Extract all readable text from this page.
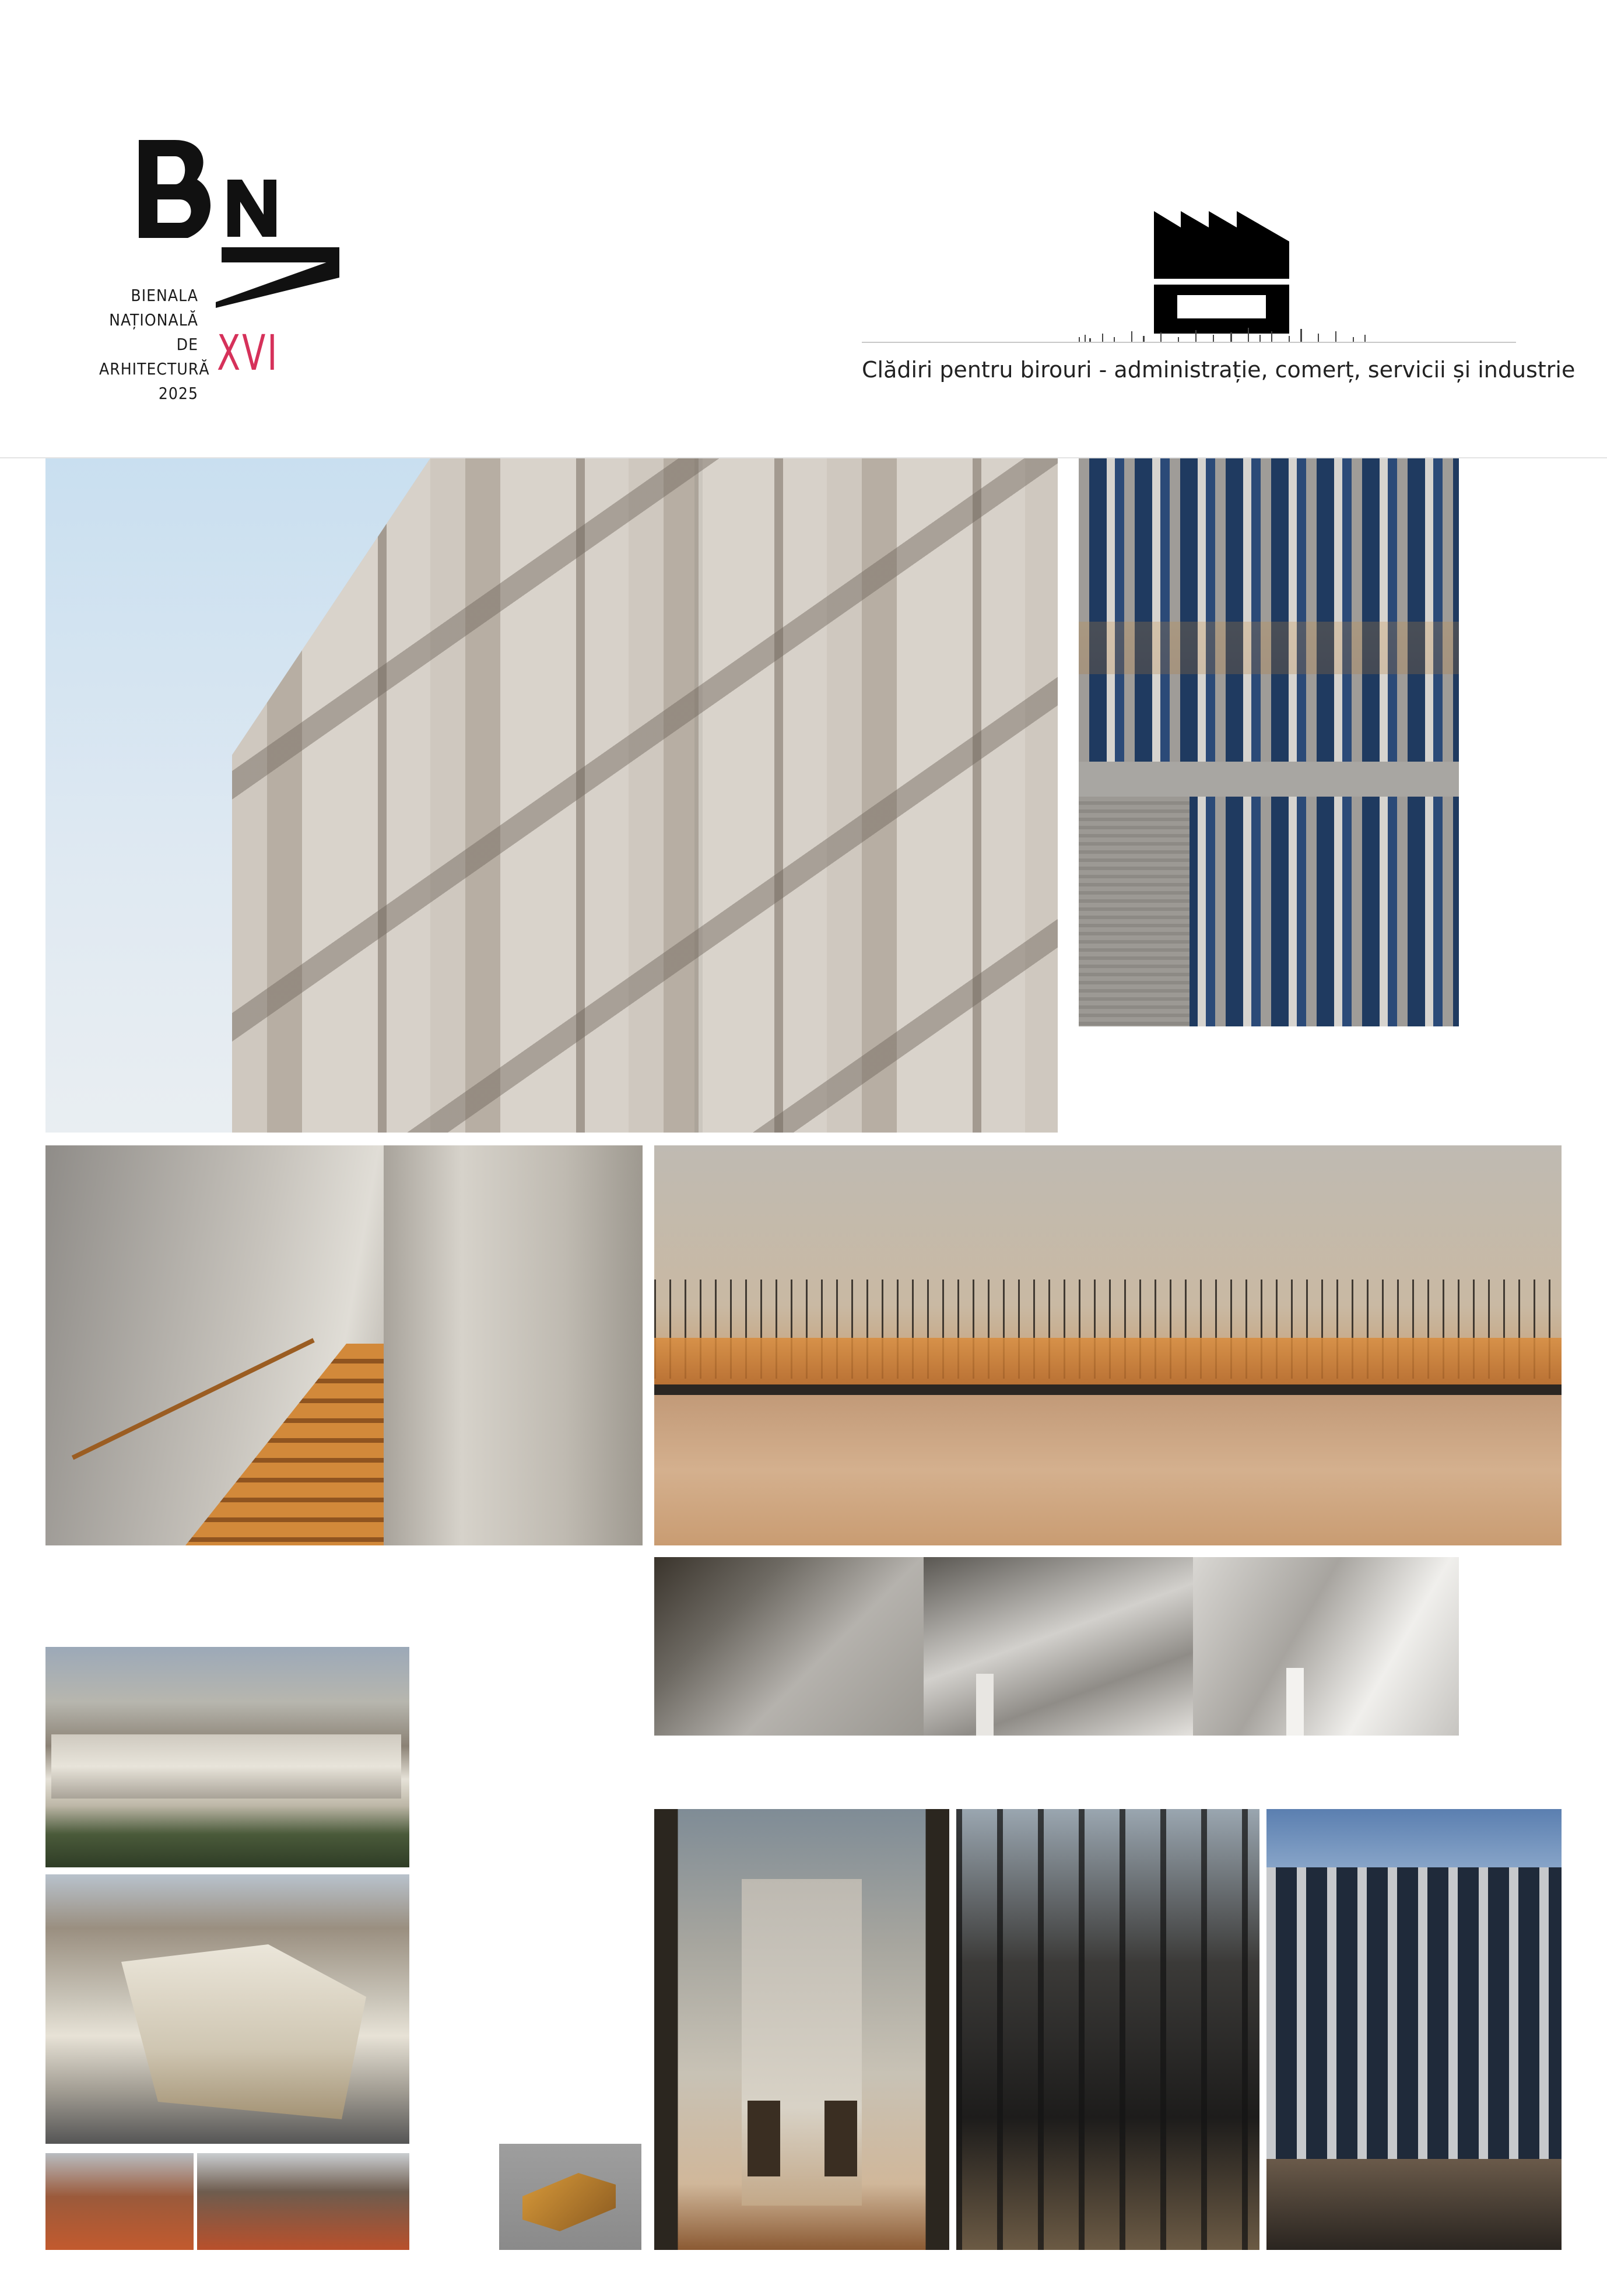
BIENALA
NAȚIONALĂ
DE
ARHITECTURĂ
2025
XVI	Clădiri pentru birouri - administrație, comerț, servicii și industrie
